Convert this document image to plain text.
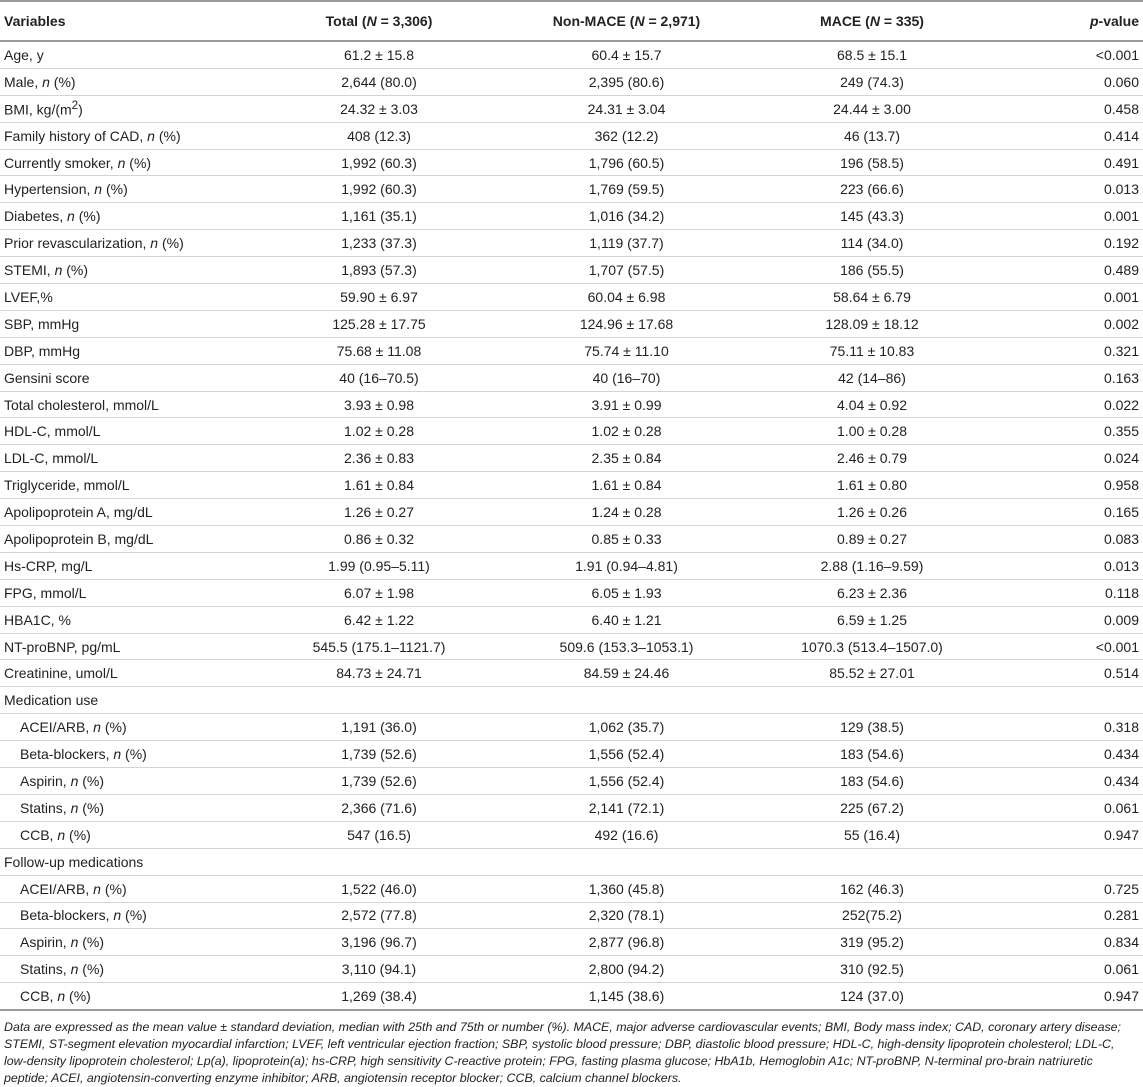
Variables	Total (N = 3,306)	Non-MACE (N = 2,971)	MACE (N = 335)	p-value
Age, y	61.2 ± 15.8	60.4 ± 15.7	68.5 ± 15.1	<0.001
Male, n (%)	2,644 (80.0)	2,395 (80.6)	249 (74.3)	0.060
BMI, $kg/(m^2)$	24.32 ± 3.03	24.31 ± 3.04	24.44 ± 3.00	0.458
Family history of CAD, n (%)	408 (12.3)	362 (12.2)	46 (13.7)	0.414
Currently smoker, n (%)	1,992 (60.3)	1,796 (60.5)	196 (58.5)	0.491
Hypertension, n (%)	1,992 (60.3)	1,769 (59.5)	223 (66.6)	0.013
Diabetes, n (%)	1,161 (35.1)	1,016 (34.2)	145 (43.3)	0.001
Prior revascularization, n (%)	1,233 (37.3)	1,119 (37.7)	114 (34.0)	0.192
STEMI, n (%)	1,893 (57.3)	1,707 (57.5)	186 (55.5)	0.489
LVEF,%	59.90 ± 6.97	60.04 ± 6.98	58.64 ± 6.79	0.001
SBP, mmHg	125.28 ± 17.75	124.96 ± 17.68	128.09 ± 18.12	0.002
DBP, mmHg	75.68 ± 11.08	75.74 ± 11.10	75.11 ± 10.83	0.321
Gensini score	40 (16–70.5)	40 (16–70)	42 (14–86)	0.163
Total cholesterol, mmol/L	3.93 ± 0.98	3.91 ± 0.99	4.04 ± 0.92	0.022
HDL-C, mmol/L	1.02 ± 0.28	1.02 ± 0.28	1.00 ± 0.28	0.355
LDL-C, mmol/L	2.36 ± 0.83	2.35 ± 0.84	2.46 ± 0.79	0.024
Triglyceride, mmol/L	1.61 ± 0.84	1.61 ± 0.84	1.61 ± 0.80	0.958
Apolipoprotein A, mg/dL	1.26 ± 0.27	1.24 ± 0.28	1.26 ± 0.26	0.165
Apolipoprotein B, mg/dL	0.86 ± 0.32	0.85 ± 0.33	0.89 ± 0.27	0.083
Hs-CRP, mg/L	1.99 (0.95–5.11)	1.91 (0.94–4.81)	2.88 (1.16–9.59)	0.013
FPG, mmol/L	6.07 ± 1.98	6.05 ± 1.93	6.23 ± 2.36	0.118
HBA1C, %	6.42 ± 1.22	6.40 ± 1.21	6.59 ± 1.25	0.009
NT-proBNP, pg/mL	545.5 (175.1–1121.7)	509.6 (153.3–1053.1)	1070.3 (513.4–1507.0)	<0.001
Creatinine, umol/L	84.73 ± 24.71	84.59 ± 24.46	85.52 ± 27.01	0.514
Medication use				
ACEI/ARB, n (%)	1,191 (36.0)	1,062 (35.7)	129 (38.5)	0.318
Beta-blockers, n (%)	1,739 (52.6)	1,556 (52.4)	183 (54.6)	0.434
Aspirin, n (%)	1,739 (52.6)	1,556 (52.4)	183 (54.6)	0.434
Statins, n (%)	2,366 (71.6)	2,141 (72.1)	225 (67.2)	0.061
CCB, n (%)	547 (16.5)	492 (16.6)	55 (16.4)	0.947
Follow-up medications				
ACEI/ARB, n (%)	1,522 (46.0)	1,360 (45.8)	162 (46.3)	0.725
Beta-blockers, n (%)	2,572 (77.8)	2,320 (78.1)	252(75.2)	0.281
Aspirin, n (%)	3,196 (96.7)	2,877 (96.8)	319 (95.2)	0.834
Statins, n (%)	3,110 (94.1)	2,800 (94.2)	310 (92.5)	0.061
CCB, n (%)	1,269 (38.4)	1,145 (38.6)	124 (37.0)	0.947
Data are expressed as the mean value ± standard deviation, median with 25th and 75th or number (%). MACE, major adverse cardiovascular events; BMI, Body mass index; CAD, coronary artery disease; STEMI, ST-segment elevation myocardial infarction; LVEF, left ventricular ejection fraction; SBP, systolic blood pressure; DBP, diastolic blood pressure; HDL-C, high-density lipoprotein cholesterol; LDL-C, low-density lipoprotein cholesterol; Lp(a), lipoprotein(a); hs-CRP, high sensitivity C-reactive protein; FPG, fasting plasma glucose; HbA1b, Hemoglobin A1c; NT-proBNP, N-terminal pro-brain natriuretic peptide; ACEI, angiotensin-converting enzyme inhibitor; ARB, angiotensin receptor blocker; CCB, calcium channel blockers.
